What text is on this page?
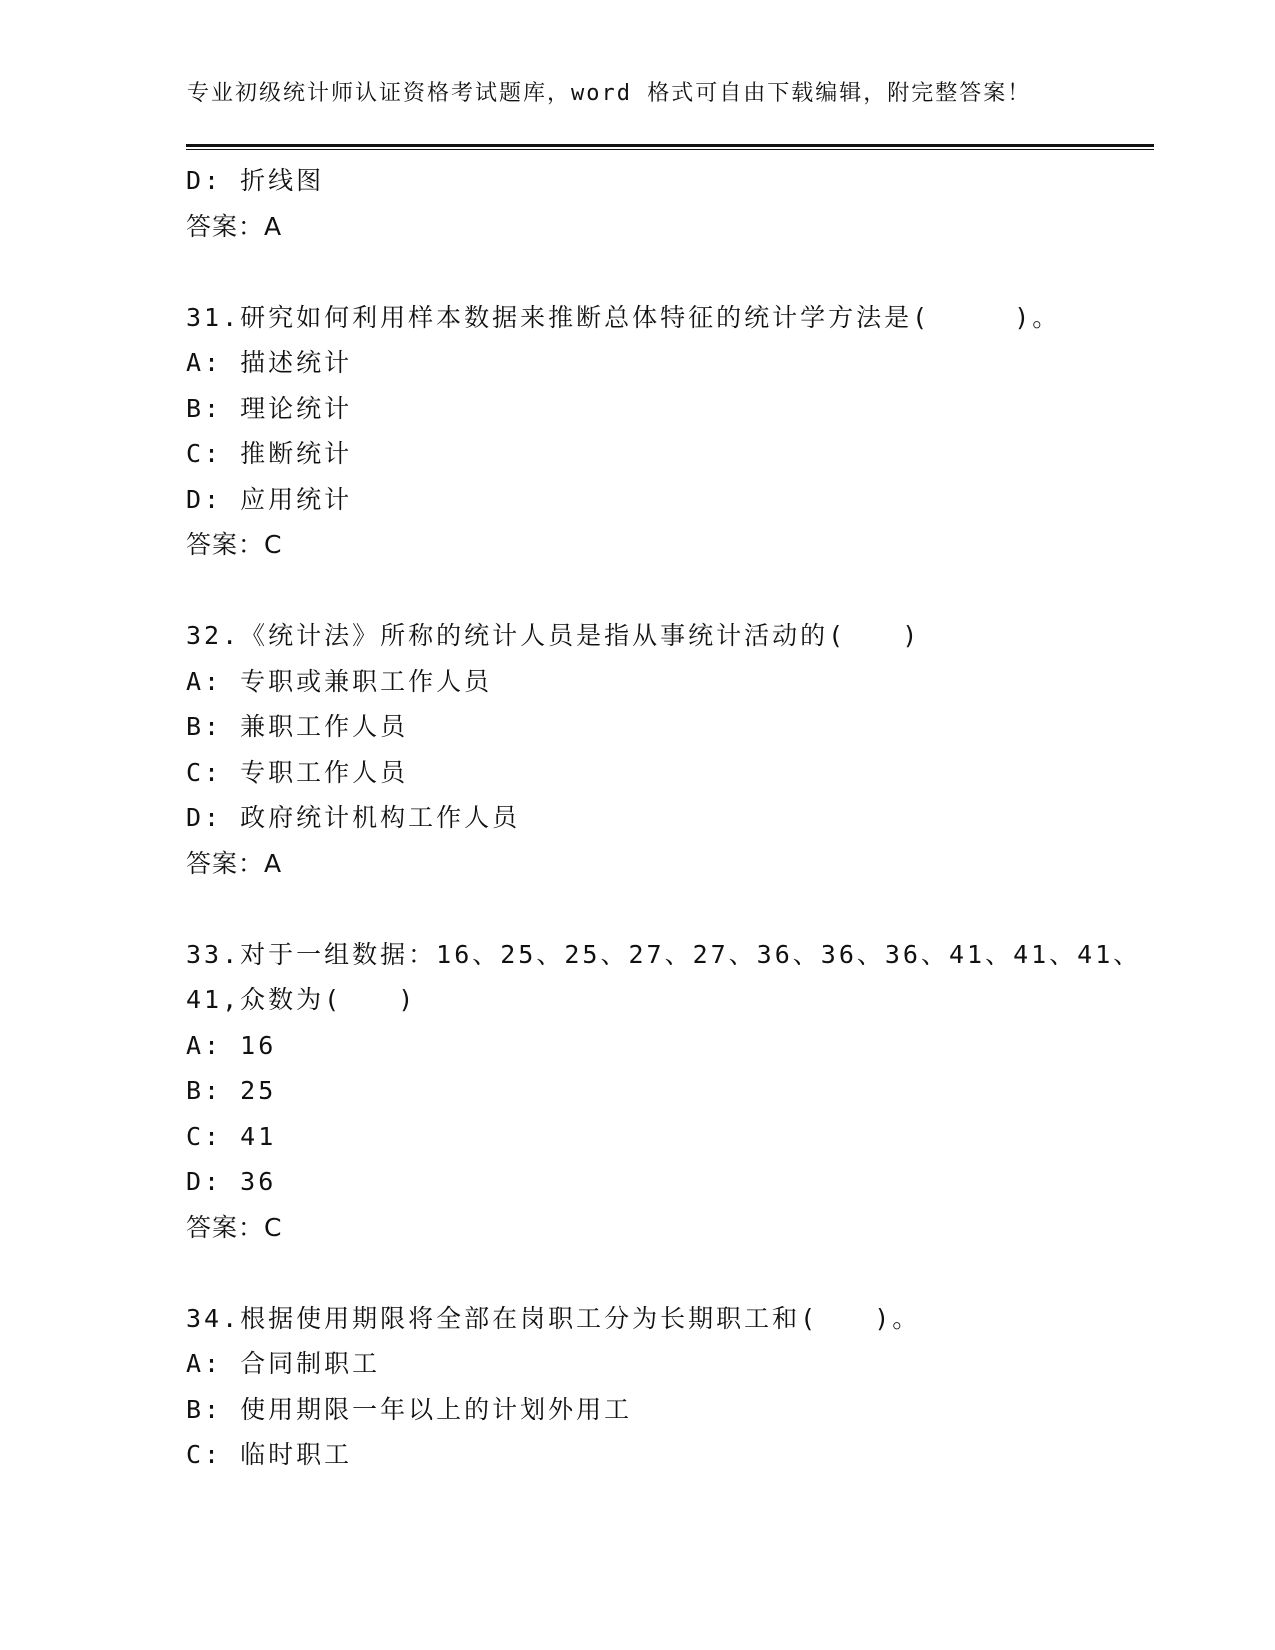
专业初级统计师认证资格考试题库，word 格式可自由下载编辑，附完整答案！
D: 折线图
答案：A
31.研究如何利用样本数据来推断总体特征的统计学方法是(　　　)。
A: 描述统计
B: 理论统计
C: 推断统计
D: 应用统计
答案：C
32.《统计法》所称的统计人员是指从事统计活动的(　　)
A: 专职或兼职工作人员
B: 兼职工作人员
C: 专职工作人员
D: 政府统计机构工作人员
答案：A
33.对于一组数据：16、25、25、27、27、36、36、36、41、41、41、
41,众数为(　　)
A: 16
B: 25
C: 41
D: 36
答案：C
34.根据使用期限将全部在岗职工分为长期职工和(　　)。
A: 合同制职工
B: 使用期限一年以上的计划外用工
C: 临时职工
